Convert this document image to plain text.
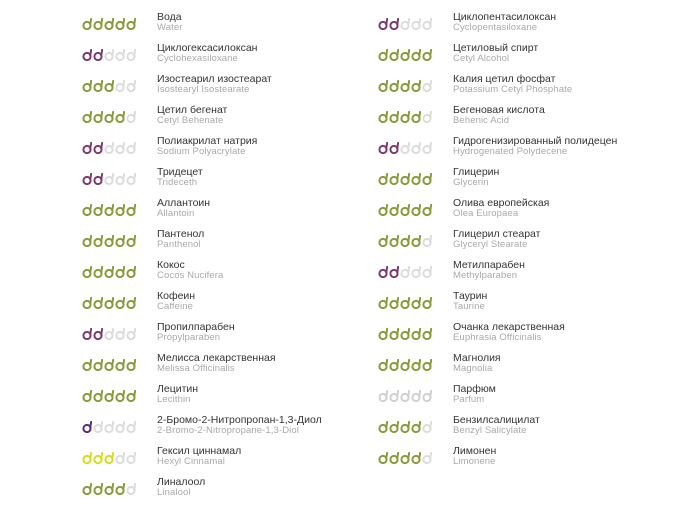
Вода
Water
Циклогексасилоксан
Cyclohexasiloxane
Изостеарил изостеарат
Isostearyl Isostearate
Цетил бегенат
Cetyl Behenate
Полиакрилат натрия
Sodium Polyacrylate
Тридецет
Trideceth
Аллантоин
Allantoin
Пантенол
Panthenol
Кокос
Cocos Nucifera
Кофеин
Caffeine
Пропилпарабен
Propylparaben
Мелисса лекарственная
Melissa Officinalis
Лецитин
Lecithin
2-Бромо-2-Нитропропан-1,3-Диол
2-Bromo-2-Nitropropane-1,3-Diol
Гексил циннамал
Hexyl Cinnamal
Линалоол
Linalool
Циклопентасилоксан
Cyclopentasiloxane
Цетиловый спирт
Cetyl Alcohol
Калия цетил фосфат
Potassium Cetyl Phosphate
Бегеновая кислота
Behenic Acid
Гидрогенизированный полидецен
Hydrogenated Polydecene
Глицерин
Glycerin
Олива европейская
Olea Europaea
Глицерил стеарат
Glyceryl Stearate
Метилпарабен
Methylparaben
Таурин
Taurine
Очанка лекарственная
Euphrasia Officinalis
Магнолия
Magnolia
Парфюм
Parfum
Бензилсалицилат
Benzyl Salicylate
Лимонен
Limonene
